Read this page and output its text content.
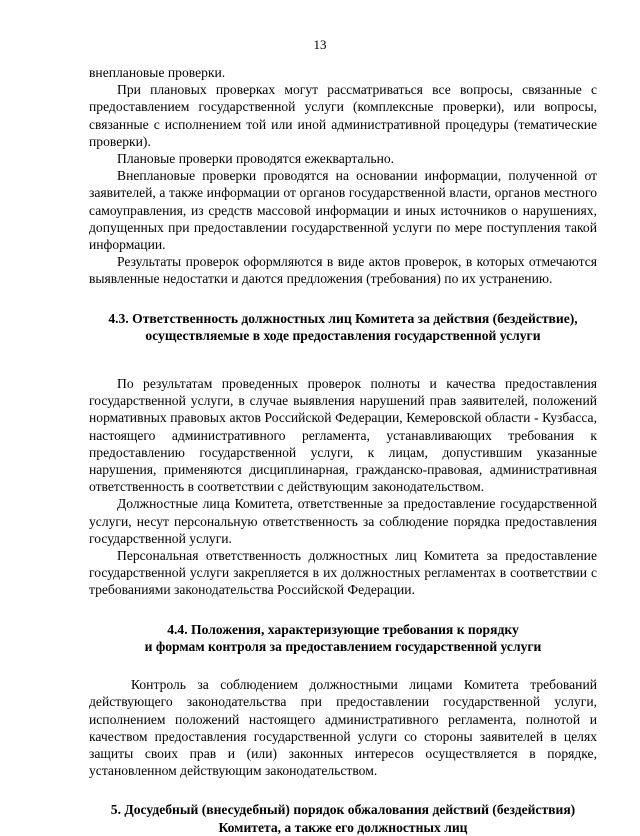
13

внеплановые проверки.

При плановых проверках могут рассматриваться все вопросы, связанные с предоставлением государственной услуги (комплексные проверки), или вопросы, связанные с исполнением той или иной административной процедуры (тематические проверки).

Плановые проверки проводятся ежеквартально.

Внеплановые проверки проводятся на основании информации, полученной от заявителей, а также информации от органов государственной власти, органов местного самоуправления, из средств массовой информации и иных источников о нарушениях, допущенных при предоставлении государственной услуги по мере поступления такой информации.

Результаты проверок оформляются в виде актов проверок, в которых отмечаются выявленные недостатки и даются предложения (требования) по их устранению.

4.3. Ответственность должностных лиц Комитета за действия (бездействие),
осуществляемые в ходе предоставления государственной услуги

По результатам проведенных проверок полноты и качества предоставления государственной услуги, в случае выявления нарушений прав заявителей, положений нормативных правовых актов Российской Федерации, Кемеровской области - Кузбасса, настоящего административного регламента, устанавливающих требования к предоставлению государственной услуги, к лицам, допустившим указанные нарушения, применяются дисциплинарная, гражданско-правовая, административная ответственность в соответствии с действующим законодательством.

Должностные лица Комитета, ответственные за предоставление государственной услуги, несут персональную ответственность за соблюдение порядка предоставления государственной услуги.

Персональная ответственность должностных лиц Комитета за предоставление государственной услуги закрепляется в их должностных регламентах в соответствии с требованиями законодательства Российской Федерации.

4.4. Положения, характеризующие требования к порядку
и формам контроля за предоставлением государственной услуги

Контроль за соблюдением должностными лицами Комитета требований действующего законодательства при предоставлении государственной услуги, исполнением положений настоящего административного регламента, полнотой и качеством предоставления государственной услуги со стороны заявителей в целях защиты своих прав и (или) законных интересов осуществляется в порядке, установленном действующим законодательством.

5. Досудебный (внесудебный) порядок обжалования действий (бездействия)
Комитета, а также его должностных лиц
